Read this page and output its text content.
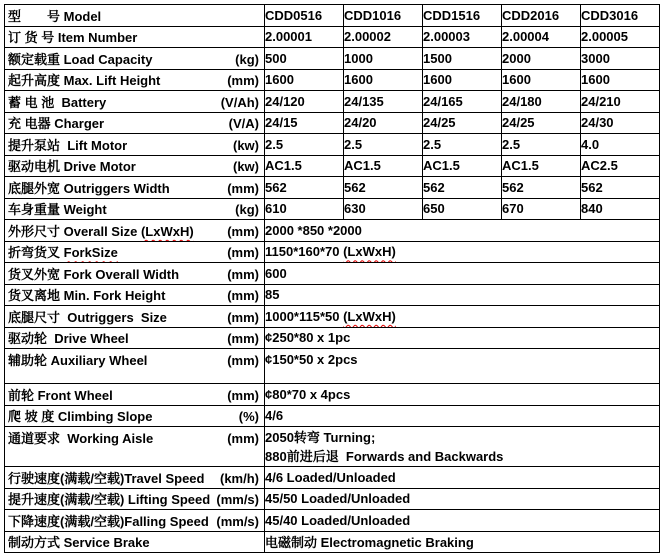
型　　号 Model	CDD0516	CDD1016	CDD1516	CDD2016	CDD3016

订 货 号 Item Number	2.00001	2.00002	2.00003	2.00004	2.00005

额定载重 Load Capacity (kg)	500	1000	1500	2000	3000

起升高度 Max. Lift Height (mm)	1600	1600	1600	1600	1600

蓄 电 池  Battery (V/Ah)	24/120	24/135	24/165	24/180	24/210

充 电器 Charger (V/A)	24/15	24/20	24/25	24/25	24/30

提升泵站  Lift Motor (kw)	2.5	2.5	2.5	2.5	4.0

驱动电机 Drive Motor (kw)	AC1.5	AC1.5	AC1.5	AC1.5	AC2.5

底腿外宽 Outriggers Width (mm)	562	562	562	562	562

车身重量 Weight (kg)	610	630	650	670	840

外形尺寸 Overall Size (LxWxH) (mm)	2000 *850 *2000				

折弯货叉 ForkSize (mm)	1150*160*70 (LxWxH)				

货叉外宽 Fork Overall Width (mm)	600				

货叉离地 Min. Fork Height (mm)	85				

底腿尺寸  Outriggers  Size (mm)	1000*115*50 (LxWxH)				

驱动轮  Drive Wheel (mm)	¢250*80 x 1pc				

辅助轮 Auxiliary Wheel (mm)	¢150*50 x 2pcs				

前轮 Front Wheel (mm)	¢80*70 x 4pcs				

爬 坡 度 Climbing Slope (%)	4/6				

通道要求  Working Aisle	(mm)	2050转弯 Turning;
880前进后退  Forwards and Backwards

行驶速度(满载/空载)Travel Speed (km/h)	4/6 Loaded/Unloaded				

提升速度(满载/空载) Lifting Speed (mm/s)	45/50 Loaded/Unloaded				

下降速度(满载/空载)Falling Speed (mm/s)	45/40 Loaded/Unloaded				

制动方式 Service Brake	电磁制动 Electromagnetic Braking				
